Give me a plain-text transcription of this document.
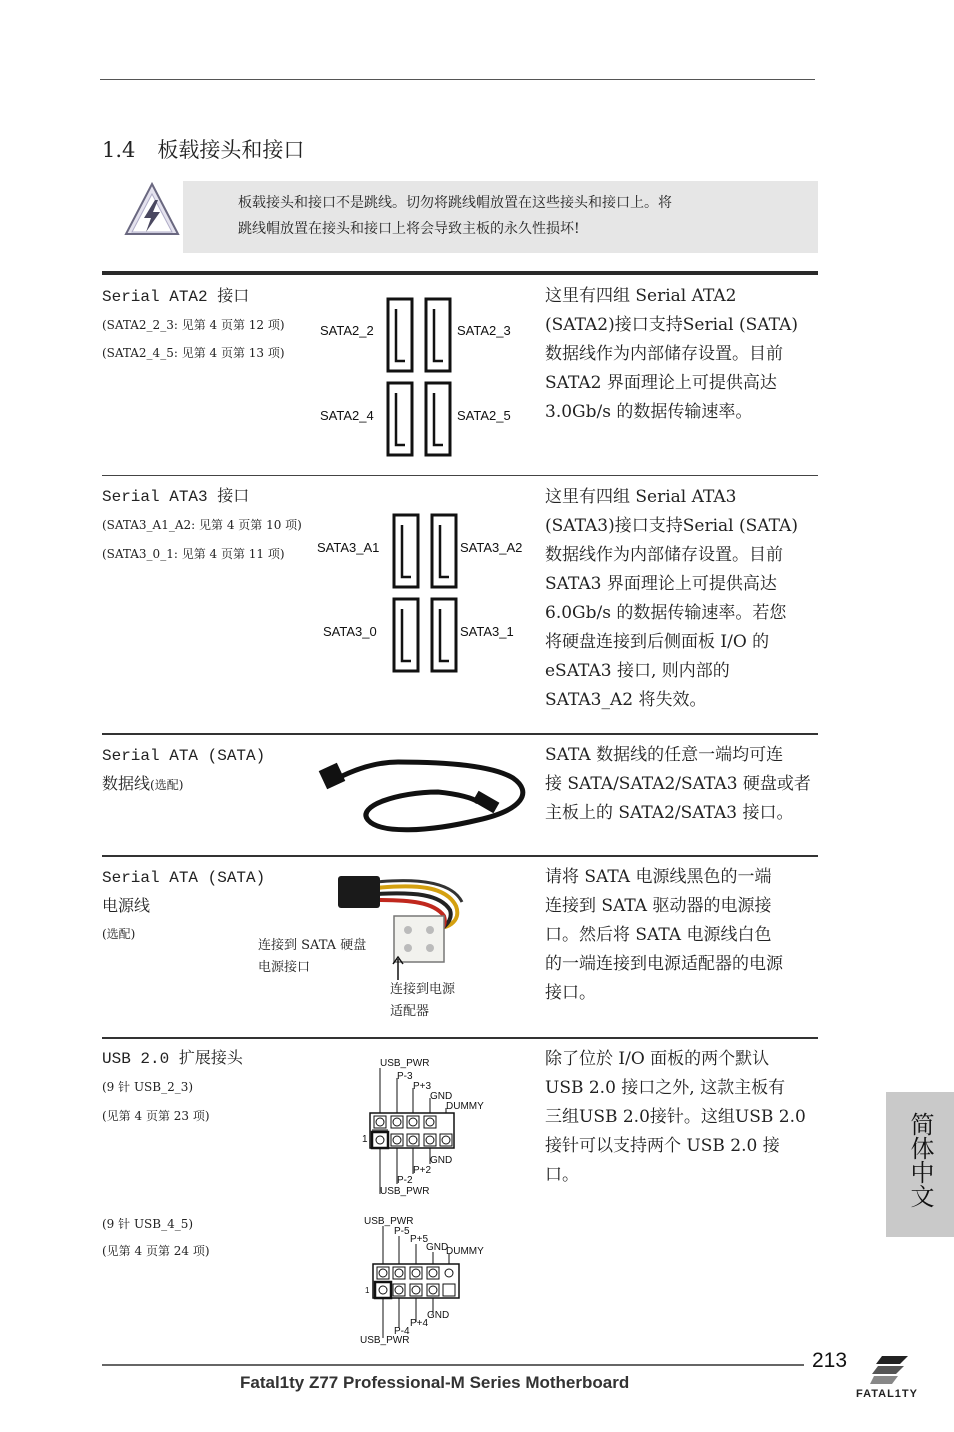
1.4 板载接头和接口
板载接头和接口不是跳线。切勿将跳线帽放置在这些接头和接口上。将
跳线帽放置在接头和接口上将会导致主板的永久性损坏!
Serial ATA2 接口
(SATA2_2_3: 见第 4 页第 12 项)
(SATA2_4_5: 见第 4 页第 13 项)
SATA2_2	SATA2_3
SATA2_4	SATA2_5
这里有四组 Serial ATA2
(SATA2)接口支持Serial (SATA)
数据线作为内部储存设置。目前
SATA2 界面理论上可提供高达
3.0Gb/s 的数据传输速率。
Serial ATA3 接口
(SATA3_A1_A2: 见第 4 页第 10 项)
(SATA3_0_1: 见第 4 页第 11 项) SATA3_A1	SATA3_A2
SATA3_0	SATA3_1
这里有四组 Serial ATA3
(SATA3)接口支持Serial (SATA)
数据线作为内部储存设置。目前
SATA3 界面理论上可提供高达
6.0Gb/s 的数据传输速率。若您
将硬盘连接到后侧面板 I/O 的
eSATA3 接口, 则内部的
SATA3_A2 将失效。
Serial ATA (SATA)
数据线(选配)
SATA 数据线的任意一端均可连
接 SATA/SATA2/SATA3 硬盘或者
主板上的 SATA2/SATA3 接口。
Serial ATA (SATA)
电源线
(选配)
连接到 SATA 硬盘
电源接口
连接到电源
适配器
请将 SATA 电源线黑色的一端
连接到 SATA 驱动器的电源接
口。然后将 SATA 电源线白色
的一端连接到电源适配器的电源
接口。
USB 2.0 扩展接头
(9 针 USB_2_3)
(见第 4 页第 23 项)
(9 针 USB_4_5)
(见第 4 页第 24 项)
USB_PWR
P-3
P+3
GND
DUMMY
1
GND
P+2
P-2
USB_PWR
USB_PWR
P-5
P+5
GND
DUMMY
1
GND
P+4
P-4
USB_PWR
除了位於 I/O 面板的两个默认
USB 2.0 接口之外, 这款主板有
三组USB 2.0接针。这组USB 2.0
接针可以支持两个 USB 2.0 接
口。	简体中文
213
Fatal1ty Z77 Professional-M Series Motherboard
FATAL1TY
